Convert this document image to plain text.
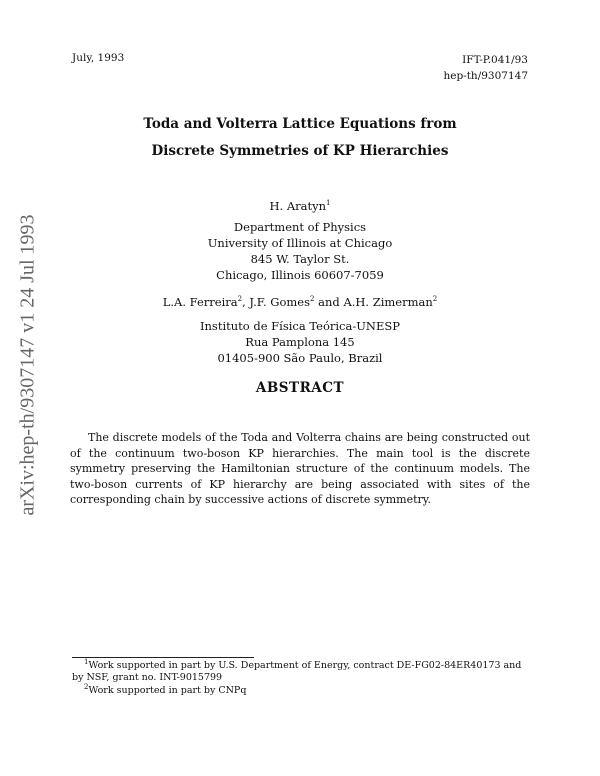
July, 1993	IFT-P.041/93
hep-th/9307147
Toda and Volterra Lattice Equations from
Discrete Symmetries of KP Hierarchies
H. Aratyn$^1$
Department of Physics
University of Illinois at Chicago
845 W. Taylor St.
Chicago, Illinois 60607-7059
L.A. Ferreira$^2$, J.F. Gomes$^2$ and A.H. Zimerman$^2$
Instituto de Física Teórica-UNESP
Rua Pamplona 145
01405-900 São Paulo, Brazil
ABSTRACT
The discrete models of the Toda and Volterra chains are being constructed out of the continuum two-boson KP hierarchies. The main tool is the discrete symmetry preserving the Hamiltonian structure of the continuum models. The two-boson currents of KP hierarchy are being associated with sites of the corresponding chain by successive actions of discrete symmetry.
arXiv:hep-th/9307147 v1 24 Jul 1993
$^1$Work supported in part by U.S. Department of Energy, contract DE-FG02-84ER40173 and by NSF, grant no. INT-9015799
$^2$Work supported in part by CNPq
